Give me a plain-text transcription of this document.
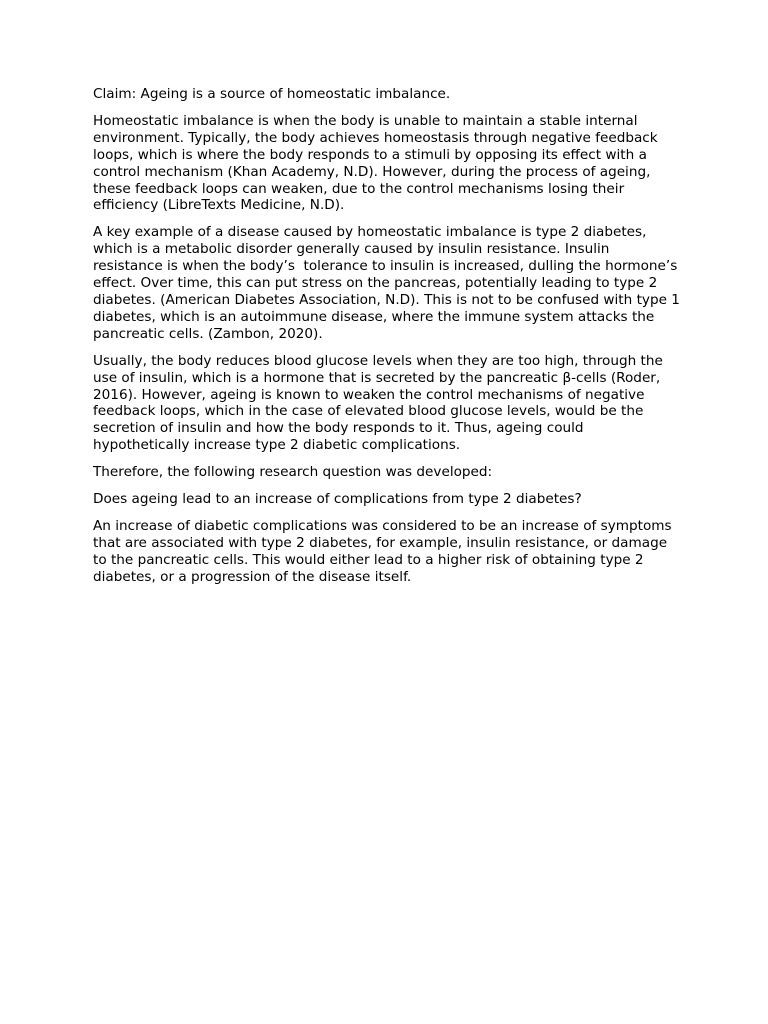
Claim: Ageing is a source of homeostatic imbalance.

Homeostatic imbalance is when the body is unable to maintain a stable internal environment. Typically, the body achieves homeostasis through negative feedback loops, which is where the body responds to a stimuli by opposing its effect with a control mechanism (Khan Academy, N.D). However, during the process of ageing, these feedback loops can weaken, due to the control mechanisms losing their efficiency (LibreTexts Medicine, N.D).

A key example of a disease caused by homeostatic imbalance is type 2 diabetes, which is a metabolic disorder generally caused by insulin resistance. Insulin resistance is when the body’s  tolerance to insulin is increased, dulling the hormone’s effect. Over time, this can put stress on the pancreas, potentially leading to type 2 diabetes. (American Diabetes Association, N.D). This is not to be confused with type 1 diabetes, which is an autoimmune disease, where the immune system attacks the pancreatic cells. (Zambon, 2020).

Usually, the body reduces blood glucose levels when they are too high, through the use of insulin, which is a hormone that is secreted by the pancreatic β-cells (Roder, 2016). However, ageing is known to weaken the control mechanisms of negative feedback loops, which in the case of elevated blood glucose levels, would be the secretion of insulin and how the body responds to it. Thus, ageing could hypothetically increase type 2 diabetic complications.

Therefore, the following research question was developed:

Does ageing lead to an increase of complications from type 2 diabetes?

An increase of diabetic complications was considered to be an increase of symptoms that are associated with type 2 diabetes, for example, insulin resistance, or damage to the pancreatic cells. This would either lead to a higher risk of obtaining type 2 diabetes, or a progression of the disease itself.
